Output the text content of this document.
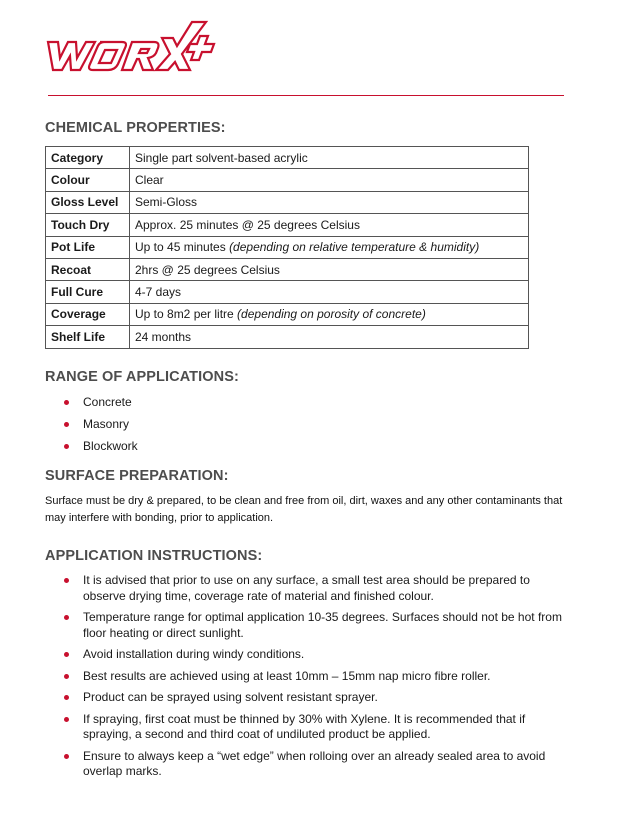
CHEMICAL PROPERTIES:
Category	Single part solvent-based acrylic
Colour	Clear
Gloss Level	Semi-Gloss
Touch Dry	Approx. 25 minutes @ 25 degrees Celsius
Pot Life	Up to 45 minutes (depending on relative temperature & humidity)
Recoat	2hrs @ 25 degrees Celsius
Full Cure	4-7 days
Coverage	Up to 8m2 per litre (depending on porosity of concrete)
Shelf Life	24 months
RANGE OF APPLICATIONS:
Concrete
Masonry
Blockwork
SURFACE PREPARATION:

Surface must be dry & prepared, to be clean and free from oil, dirt, waxes and any other contaminants that may interfere with bonding, prior to application.

APPLICATION INSTRUCTIONS:
It is advised that prior to use on any surface, a small test area should be prepared to observe drying time, coverage rate of material and finished colour.
Temperature range for optimal application 10-35 degrees. Surfaces should not be hot from floor heating or direct sunlight.
Avoid installation during windy conditions.
Best results are achieved using at least 10mm – 15mm nap micro fibre roller.
Product can be sprayed using solvent resistant sprayer.
If spraying, first coat must be thinned by 30% with Xylene. It is recommended that if spraying, a second and third coat of undiluted product be applied.
Ensure to always keep a “wet edge” when rolloing over an already sealed area to avoid overlap marks.
